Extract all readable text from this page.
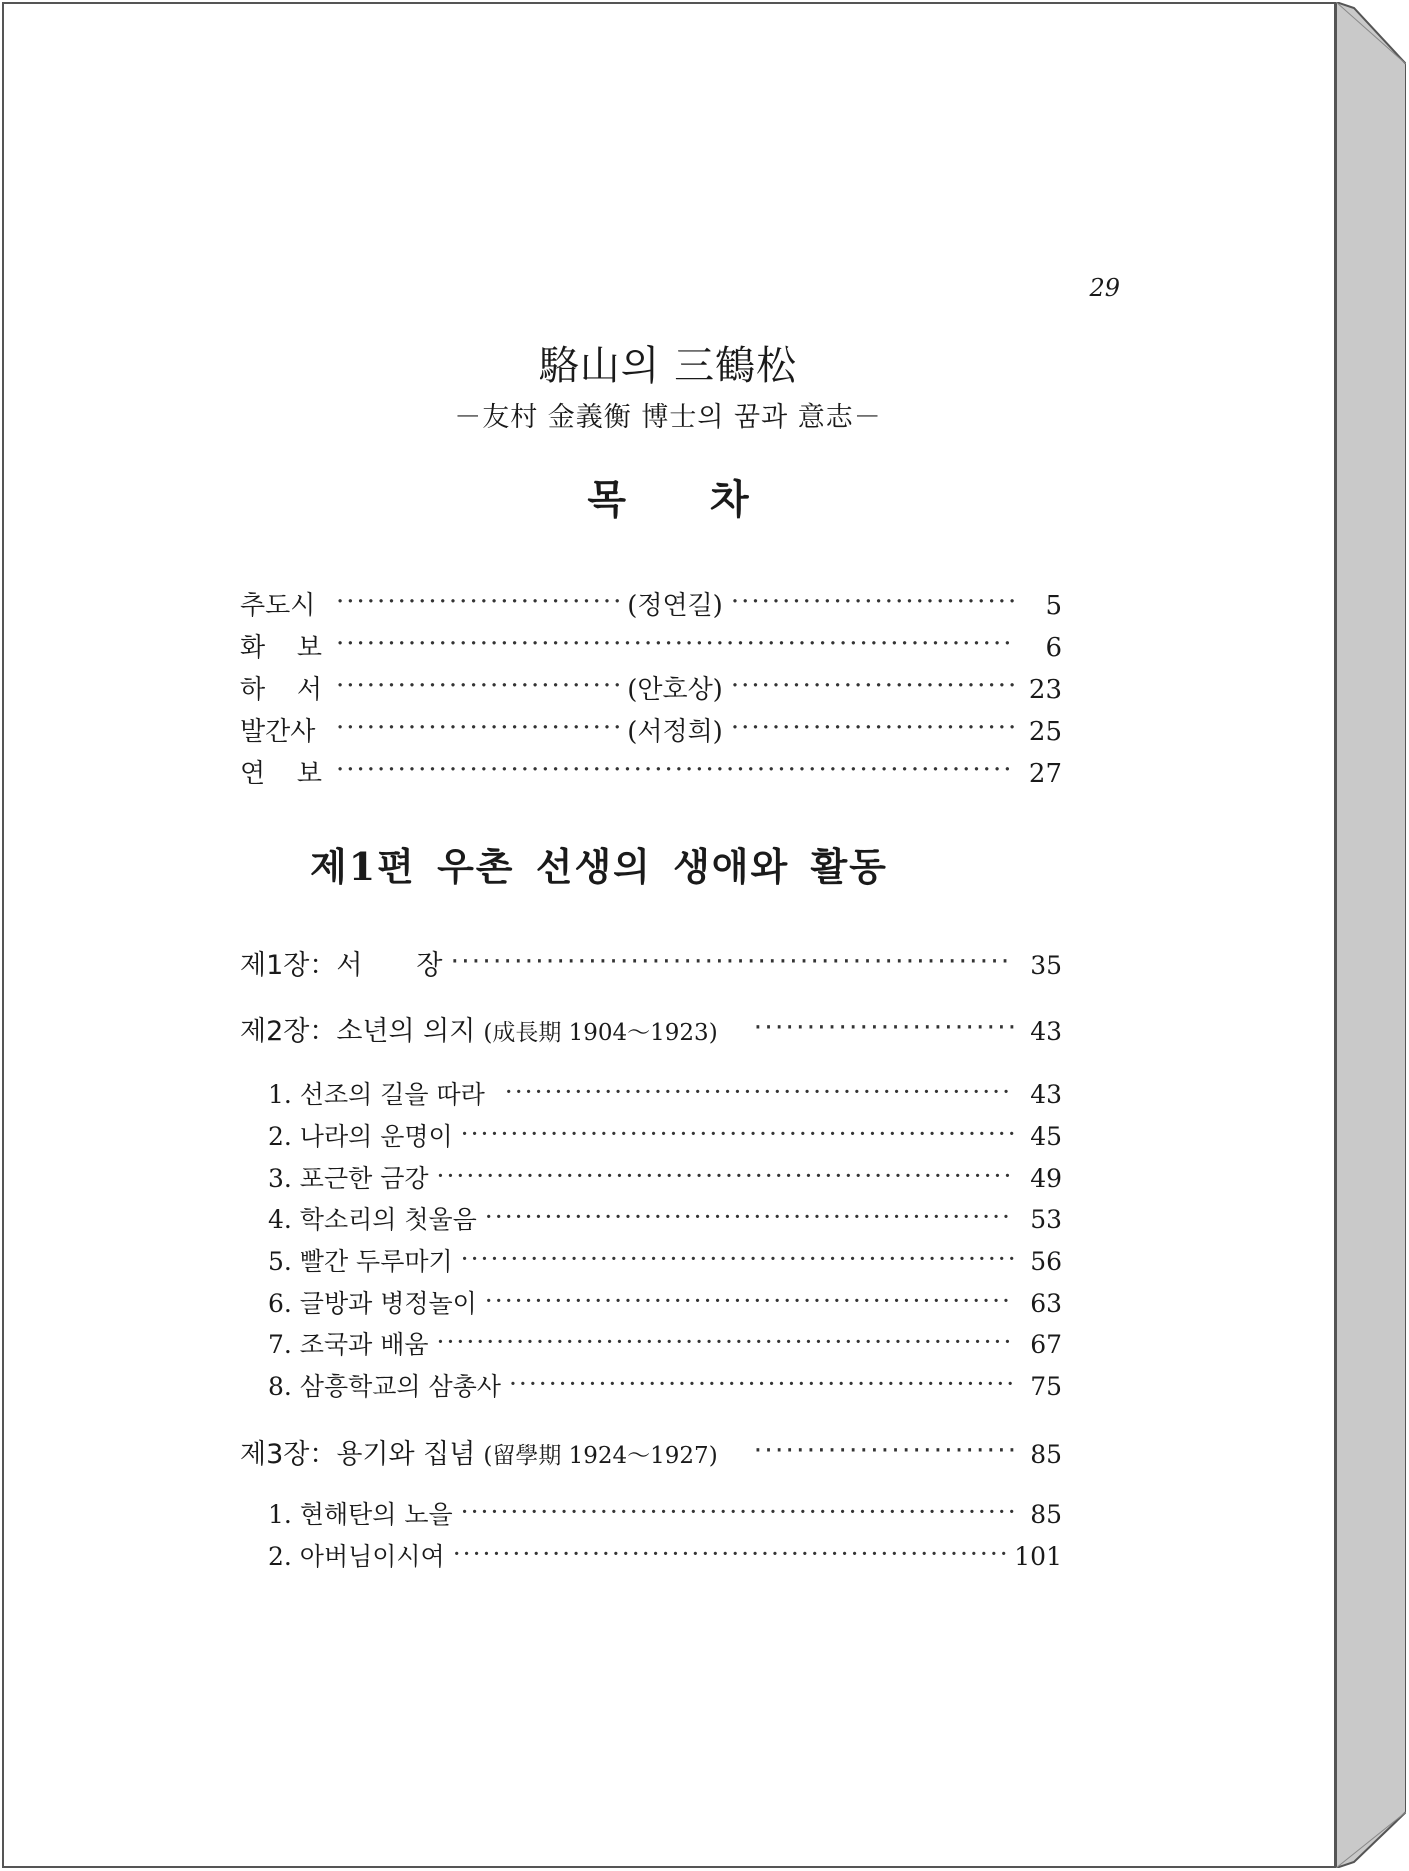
29
駱山의 三鶴松
－友村 金義衡 博士의 꿈과 意志－
목 차
추도시 ·····	(정연길) ·····	5
화 보 ·····	6
하 서 ·····	(안호상) ·····	23
발간사 ·····	(서정희) ·····	25
연 보 ·····	27
제1편 우촌 선생의 생애와 활동
제1장：서　　장 ·····	35
제2장：소년의 의지 (成長期 1904～1923) ·····	43
1. 선조의 길을 따라 ·····	43
2. 나라의 운명이 ·····	45
3. 포근한 금강 ·····	49
4. 학소리의 첫울음 ·····	53
5. 빨간 두루마기 ·····	56
6. 글방과 병정놀이 ·····	63
7. 조국과 배움 ·····	67
8. 삼흥학교의 삼총사 ·····	75
제3장：용기와 집념 (留學期 1924～1927) ·····	85
1. 현해탄의 노을 ·····	85
2. 아버님이시여 ·····	101
